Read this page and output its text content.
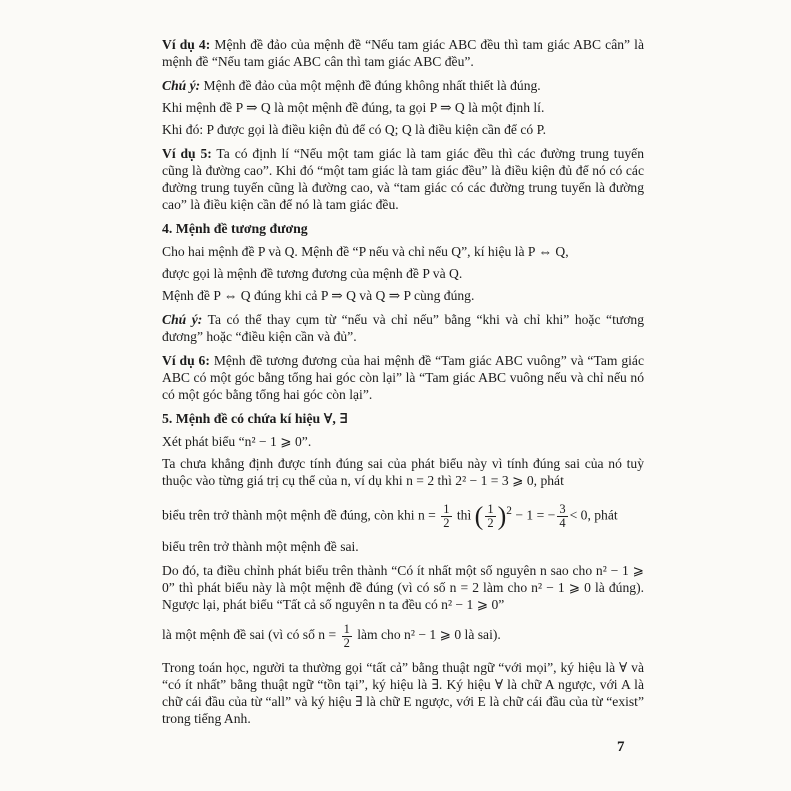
Ví dụ 4: Mệnh đề đảo của mệnh đề “Nếu tam giác ABC đều thì tam giác ABC cân” là mệnh đề “Nếu tam giác ABC cân thì tam giác ABC đều”.

Chú ý: Mệnh đề đảo của một mệnh đề đúng không nhất thiết là đúng.

Khi mệnh đề P ⇒ Q là một mệnh đề đúng, ta gọi P ⇒ Q là một định lí.

Khi đó: P được gọi là điều kiện đủ để có Q; Q là điều kiện cần để có P.

Ví dụ 5: Ta có định lí “Nếu một tam giác là tam giác đều thì các đường trung tuyến cũng là đường cao”. Khi đó “một tam giác là tam giác đều” là điều kiện đủ để nó có các đường trung tuyến cũng là đường cao, và “tam giác có các đường trung tuyến là đường cao” là điều kiện cần để nó là tam giác đều.

4. Mệnh đề tương đương

Cho hai mệnh đề P và Q. Mệnh đề “P nếu và chỉ nếu Q”, kí hiệu là P ⇔ Q,

được gọi là mệnh đề tương đương của mệnh đề P và Q.

Mệnh đề P ⇔ Q đúng khi cả P ⇒ Q và Q ⇒ P cùng đúng.

Chú ý: Ta có thể thay cụm từ “nếu và chỉ nếu” bằng “khi và chỉ khi” hoặc “tương đương” hoặc “điều kiện cần và đủ”.

Ví dụ 6: Mệnh đề tương đương của hai mệnh đề “Tam giác ABC vuông” và “Tam giác ABC có một góc bằng tổng hai góc còn lại” là “Tam giác ABC vuông nếu và chỉ nếu nó có một góc bằng tổng hai góc còn lại”.

5. Mệnh đề có chứa kí hiệu ∀, ∃

Xét phát biểu “n² − 1 ⩾ 0”.

Ta chưa khẳng định được tính đúng sai của phát biểu này vì tính đúng sai của nó tuỳ thuộc vào từng giá trị cụ thể của n, ví dụ khi n = 2 thì 2² − 1 = 3 ⩾ 0, phát

biểu trên trở thành một mệnh đề đúng, còn khi $n = \frac{1}{2}$ thì ( $\frac{1}{2} )^2 - 1$ = − $\frac{3}{4} < 0$, phát

biểu trên trở thành một mệnh đề sai.

Do đó, ta điều chỉnh phát biểu trên thành “Có ít nhất một số nguyên n sao cho n² − 1 ⩾ 0” thì phát biểu này là một mệnh đề đúng (vì có số n = 2 làm cho n² − 1 ⩾ 0 là đúng). Ngược lại, phát biểu “Tất cả số nguyên n ta đều có n² − 1 ⩾ 0”

là một mệnh đề sai (vì có số $n = \frac{1}{2}$ làm cho n² − 1 ⩾ 0 là sai).

Trong toán học, người ta thường gọi “tất cả” bằng thuật ngữ “với mọi”, ký hiệu là ∀ và “có ít nhất” bằng thuật ngữ “tồn tại”, ký hiệu là ∃. Ký hiệu ∀ là chữ A ngược, với A là chữ cái đầu của từ “all” và ký hiệu ∃ là chữ E ngược, với E là chữ cái đầu của từ “exist” trong tiếng Anh.

7
